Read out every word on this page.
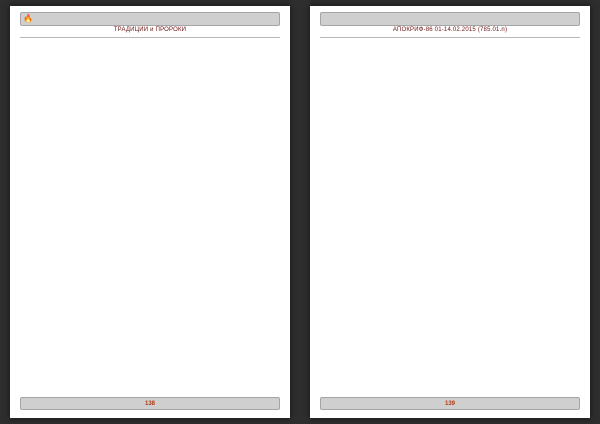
🔥
ТРАДИЦИИ и ПРОРОКИ
138
АПОКРИФ-86 01-14.02.2015 (785.01.n)
139
